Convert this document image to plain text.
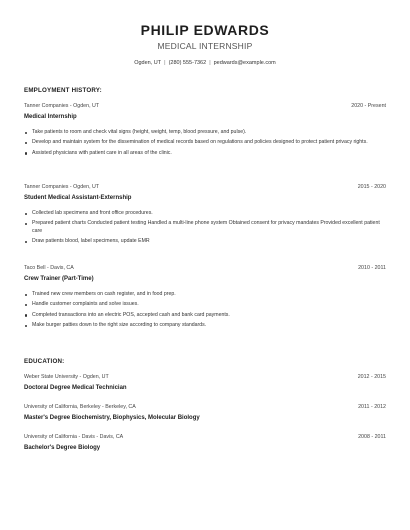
PHILIP EDWARDS
MEDICAL INTERNSHIP
Ogden, UT | (280) 555-7362 | pedwards@example.com
EMPLOYMENT HISTORY:
Tanner Companies - Ogden, UT	2020 - Present
Medical Internship
Take patients to room and check vital signs (height, weight, temp, blood pressure, and pulse).
Develop and maintain system for the dissemination of medical records based on regulations and policies designed to protect patient privacy rights.
Assisted physicians with patient care in all areas of the clinic.
Tanner Companies - Ogden, UT	2015 - 2020
Student Medical Assistant-Externship
Collected lab specimens and front office procedures.
Prepared patient charts Conducted patient testing Handled a multi-line phone system Obtained consent for privacy mandates Provided excellent patient care
Draw patients blood, label specimens, update EMR
Taco Bell - Davis, CA	2010 - 2011
Crew Trainer (Part-Time)
Trained new crew members on cash register, and in food prep.
Handle customer complaints and solve issues.
Completed transactions into an electric POS, accepted cash and bank card payments.
Make burger patties down to the right size according to company standards.
EDUCATION:
Weber State University - Ogden, UT	2012 - 2015
Doctoral Degree Medical Technician
University of California, Berkeley - Berkeley, CA	2011 - 2012
Master's Degree Biochemistry, Biophysics, Molecular Biology
University of California - Davis - Davis, CA	2008 - 2011
Bachelor's Degree Biology
